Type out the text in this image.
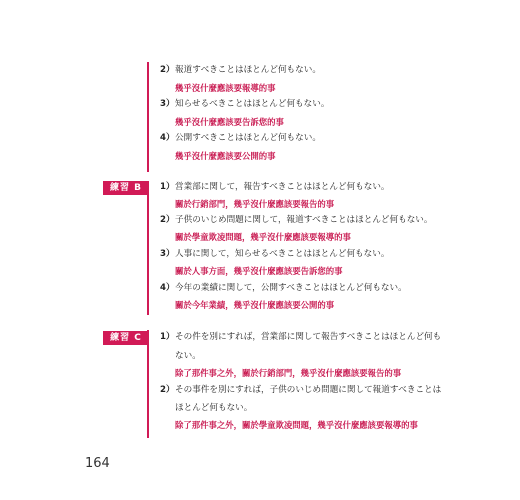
2）報道すべきことはほとんど何もない。
幾乎沒什麼應該要報導的事
3）知らせるべきことはほとんど何もない。
幾乎沒什麼應該要告訴您的事
4）公開すべきことはほとんど何もない。
幾乎沒什麼應該要公開的事
練習 B	1）営業部に関して，報告すべきことはほとんど何もない。
關於行銷部門，幾乎沒什麼應該要報告的事
2）子供のいじめ問題に関して，報道すべきことはほとんど何もない。
關於學童欺凌問題，幾乎沒什麼應該要報導的事
3）人事に関して，知らせるべきことはほとんど何もない。
關於人事方面，幾乎沒什麼應該要告訴您的事
4）今年の業績に関して，公開すべきことはほとんど何もない。
關於今年業績，幾乎沒什麼應該要公開的事
練習 C	1）その件を別にすれば，営業部に関して報告すべきことはほとんど何も
ない。
除了那件事之外，關於行銷部門，幾乎沒什麼應該要報告的事
2）その事件を別にすれば，子供のいじめ問題に関して報道すべきことは
ほとんど何もない。
除了那件事之外，關於學童欺凌問題，幾乎沒什麼應該要報導的事
164
